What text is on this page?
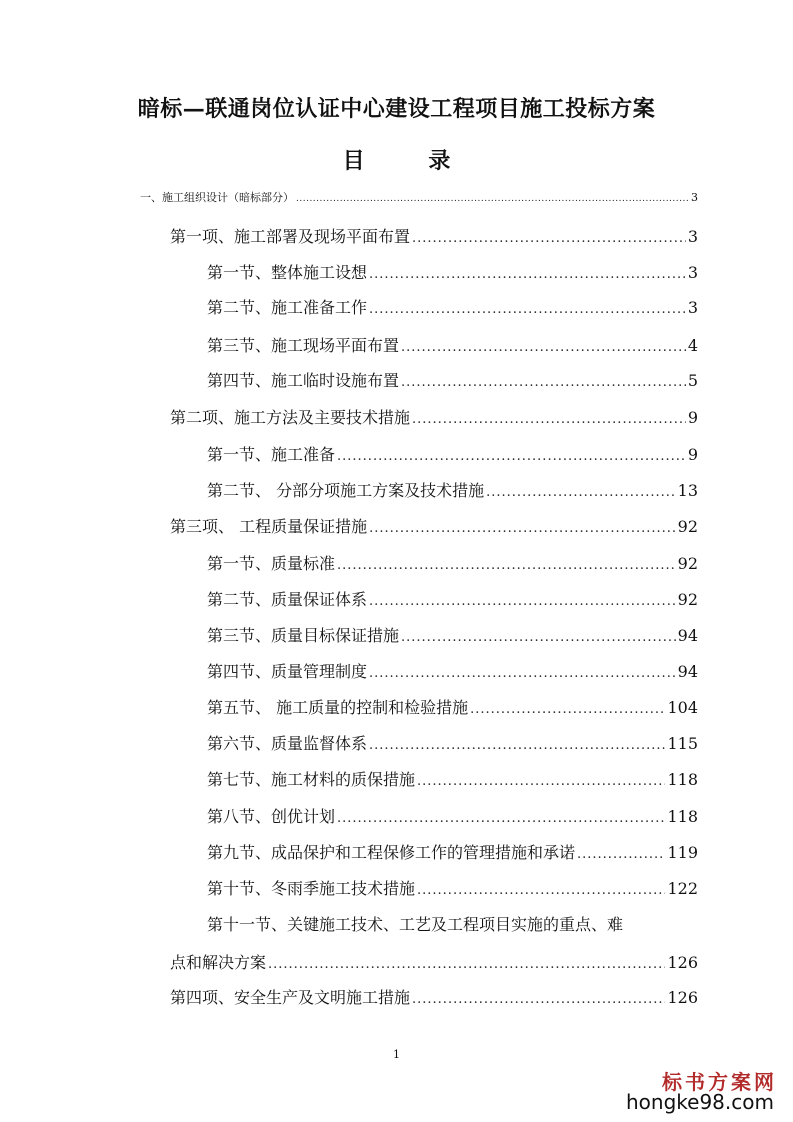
暗标—联通岗位认证中心建设工程项目施工投标方案
目 录
一、施工组织设计（暗标部分） .....	3
第一项、施工部署及现场平面布置 .....	3
第一节、整体施工设想 .....	3
第二节、施工准备工作 .....	3
第三节、施工现场平面布置 .....	4
第四节、施工临时设施布置 .....	5
第二项、施工方法及主要技术措施 .....	9
第一节、施工准备 .....	9
第二节、 分部分项施工方案及技术措施 .....	13
第三项、 工程质量保证措施 .....	92
第一节、质量标准 .....	92
第二节、质量保证体系 .....	92
第三节、质量目标保证措施 .....	94
第四节、质量管理制度 .....	94
第五节、 施工质量的控制和检验措施 .....	104
第六节、质量监督体系 .....	115
第七节、施工材料的质保措施 .....	118
第八节、创优计划 .....	118
第九节、成品保护和工程保修工作的管理措施和承诺 .....	119
第十节、冬雨季施工技术措施 .....	122
第十一节、关键施工技术、工艺及工程项目实施的重点、难
点和解决方案 .....	126
第四项、安全生产及文明施工措施 .....	126
1
标书方案网
hongke98.com
